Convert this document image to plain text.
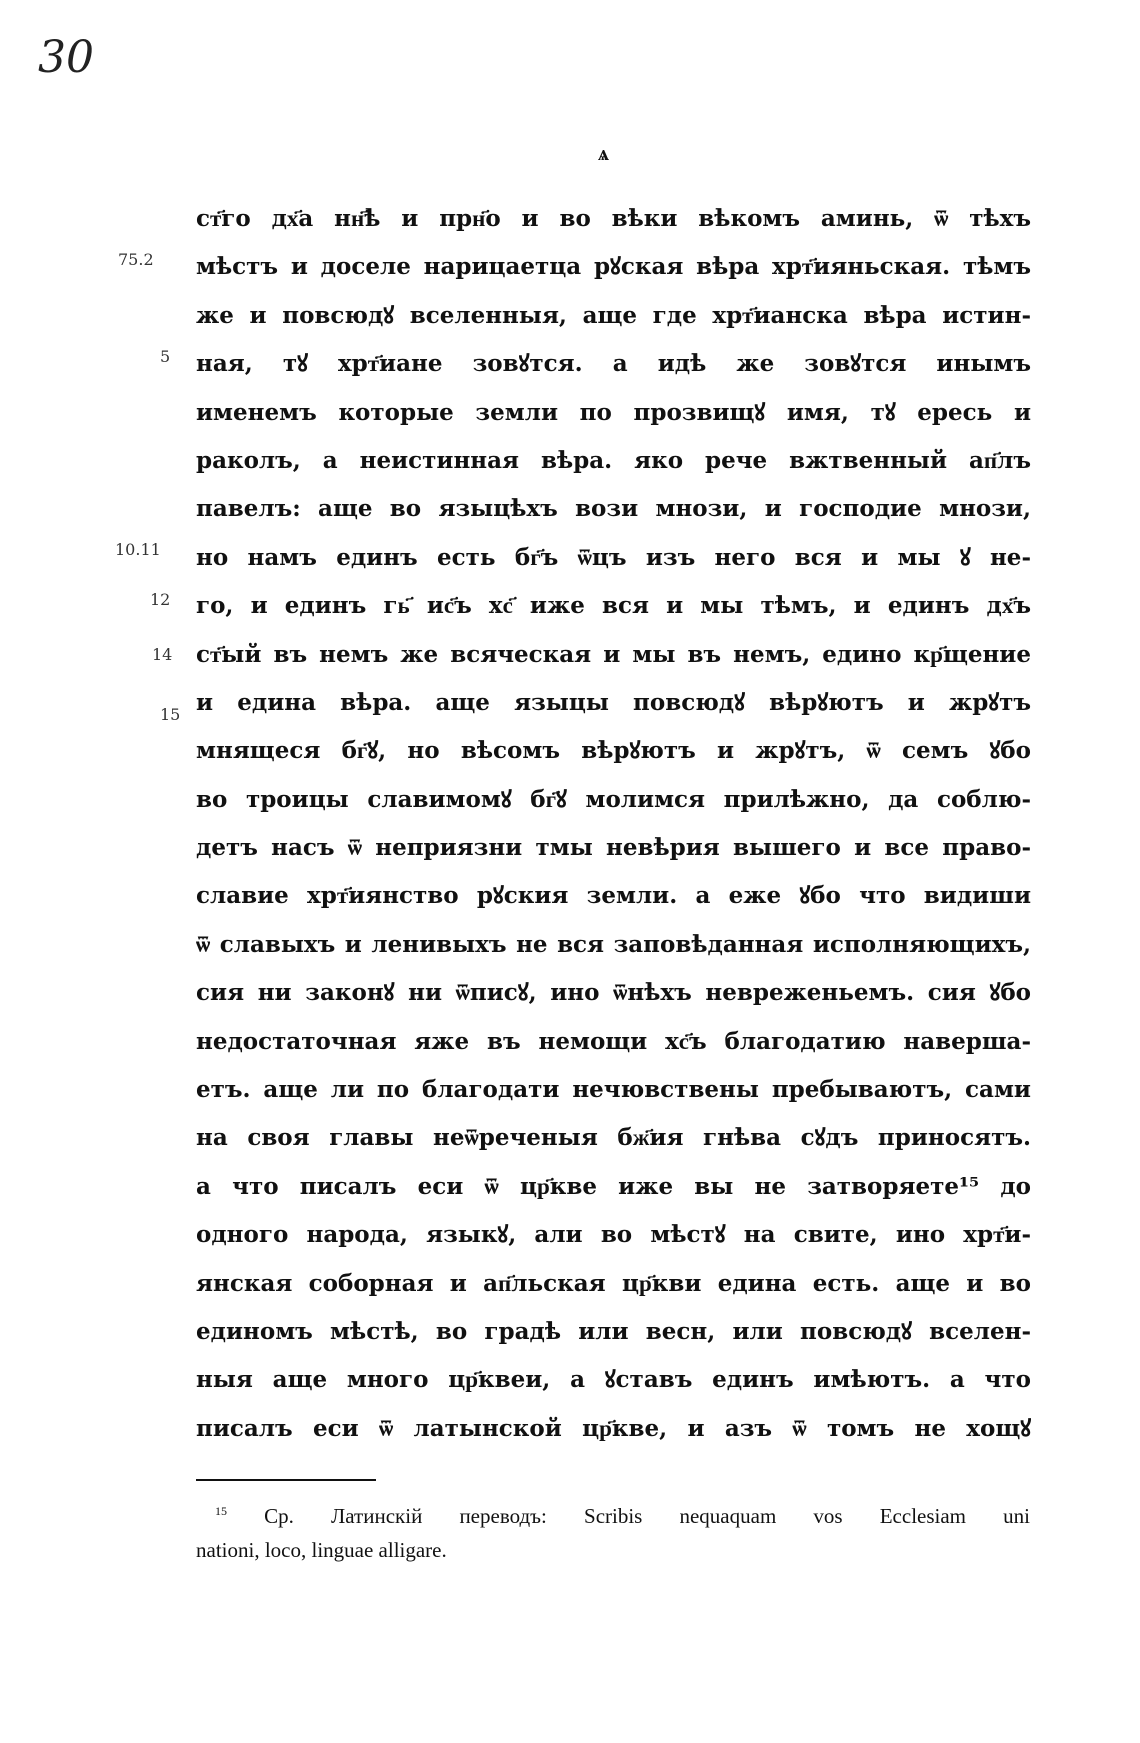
30
ѧ
75.2
5
10.11
12
14
15
ст҃го дх҃а нн҃ѣ и прн҃о и во вѣки вѣкомъ аминь, ѿ тѣхъ
мѣстъ и доселе нарицаетца рꙋская вѣра хрт҃ияньская. тѣмъ
же и повсюдꙋ вселенныя, аще где хрт҃ианска вѣра истин-
ная, тꙋ хрт҃иане зовꙋтся. а идѣ же зовꙋтся инымъ
именемъ которые земли по прозвищꙋ имя, тꙋ ересь и
раколъ, а неистинная вѣра. яко рече вжтвенный ап҃лъ
павелъ: аще во языцѣхъ вози мнози, и господие мнози,
но намъ единъ есть бг҃ъ ѿцъ изъ него вся и мы ꙋ не-
го, и единъ гь҃ ис҃ъ хс҃ иже вся и мы тѣмъ, и единъ дх҃ъ
ст҃ый въ немъ же всяческая и мы въ немъ, едино кр҃щение
и едина вѣра. аще языцы повсюдꙋ вѣрꙋютъ и жрꙋтъ
мнящеся бг҃ꙋ, но вѣсомъ вѣрꙋютъ и жрꙋтъ, ѿ семъ ꙋбо
во троицы славимомꙋ бг҃ꙋ молимся прилѣжно, да соблю-
детъ насъ ѿ неприязни тмы невѣрия вышего и все право-
славие хрт҃иянство рꙋския земли. а еже ꙋбо что видиши
ѿ славыхъ и ленивыхъ не вся заповѣданная исполняющихъ,
сия ни законꙋ ни ѿписꙋ, ино ѿнѣхъ невреженьемъ. сия ꙋбо
недостаточная яже въ немощи хс҃ъ благодатию наверша-
етъ. аще ли по благодати нечювствены пребываютъ, сами
на своя главы неѿреченыя бж҃ия гнѣва сꙋдъ приносятъ.
а что писалъ еси ѿ цр҃кве иже вы не затворяете¹⁵ до
одного народа, языкꙋ, али во мѣстꙋ на свите, ино хрт҃и-
янская соборная и ап҃льская цр҃кви едина есть. аще и во
единомъ мѣстѣ, во градѣ или весн, или повсюдꙋ вселен-
ныя аще много цр҃квеи, а ꙋставъ единъ имѣютъ. а что
писалъ еси ѿ латынской цр҃кве, и азъ ѿ томъ не хощꙋ
$^{15}$ Ср. Латинскій переводъ: Scribis nequaquam vos Ecclesiam uni
nationi, loco, linguae alligare.
